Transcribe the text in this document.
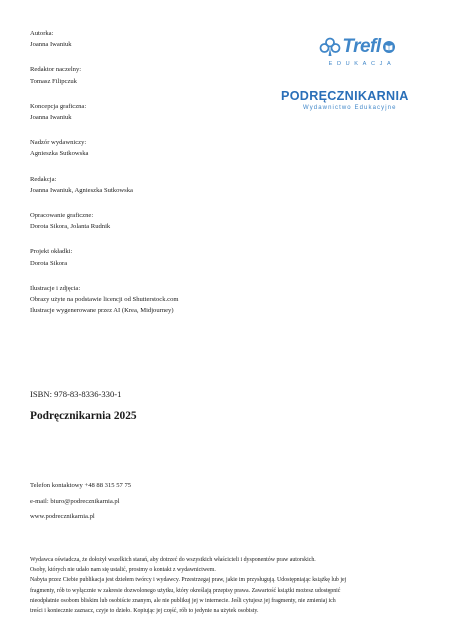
Autorka:
Joanna Iwaniuk
Redaktor naczelny:
Tomasz Filipczuk
Koncepcja graficzna:
Joanna Iwaniuk
Nadzór wydawniczy:
Agnieszka Sutkowska
Redakcja:
Joanna Iwaniuk, Agnieszka Sutkowska
Opracowanie graficzne:
Dorota Sikora, Jolanta Rudnik
Projekt okładki:
Dorota Sikora
Ilustracje i zdjęcia:
Obrazy użyte na podstawie licencji od Shutterstock.com
Ilustracje wygenerowane przez AI (Krea, Midjourney)
Trefl
EDUKACJA
PODRĘCZNIKARNIA
Wydawnictwo Edukacyjne
ISBN: 978-83-8336-330-1
Podręcznikarnia 2025
Telefon kontaktowy +48 88 315 57 75
e-mail: biuro@podrecznikarnia.pl
www.podrecznikarnia.pl
Wydawca oświadcza, że dołożył wszelkich starań, aby dotrzeć do wszystkich właścicieli i dysponentów praw autorskich.
Osoby, których nie udało nam się ustalić, prosimy o kontakt z wydawnictwem.
Nabyta przez Ciebie publikacja jest dziełem twórcy i wydawcy. Przestrzegaj praw, jakie im przysługują. Udostępniając książkę lub jej
fragmenty, rób to wyłącznie w zakresie dozwolonego użytku, który określają przepisy prawa. Zawartość książki możesz udostępnić
nieodpłatnie osobom bliskim lub osobiście znanym, ale nie publikuj jej w internecie. Jeśli cytujesz jej fragmenty, nie zmieniaj ich
treści i koniecznie zaznacz, czyje to dzieło. Kopiując jej część, rób to jedynie na użytek osobisty.
